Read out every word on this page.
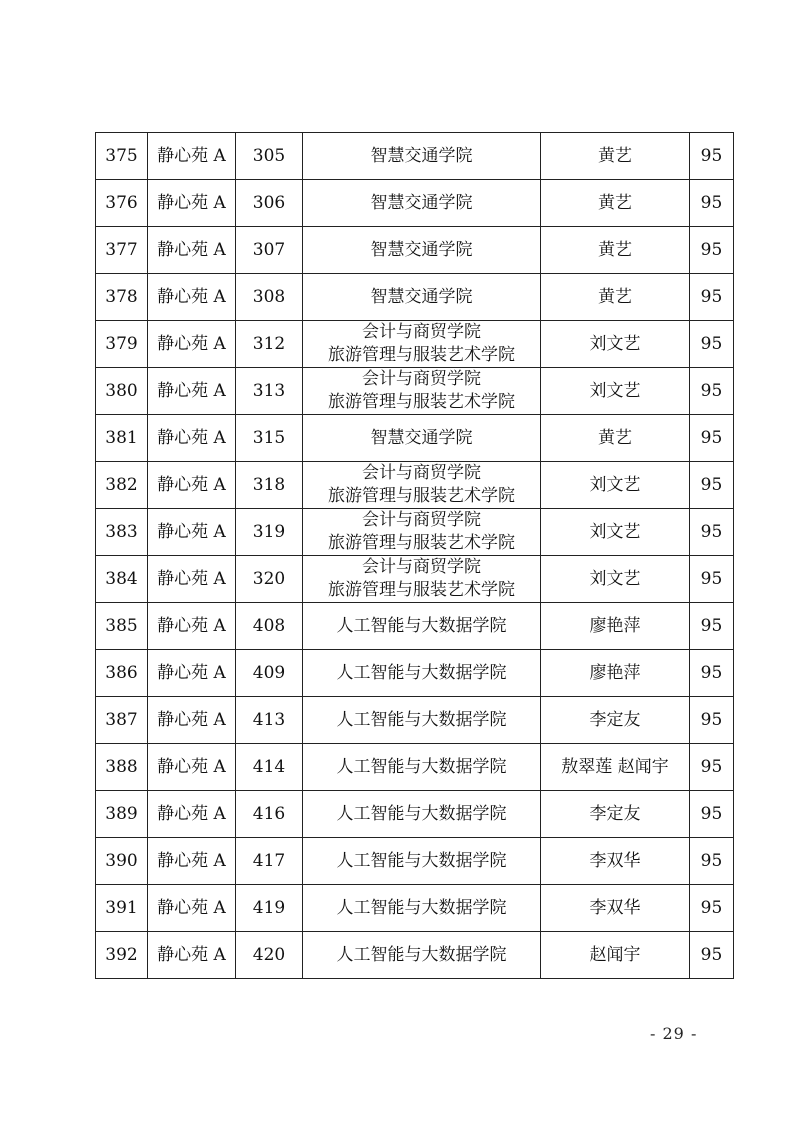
375	静心苑 A	305	智慧交通学院	黄艺	95
376	静心苑 A	306	智慧交通学院	黄艺	95
377	静心苑 A	307	智慧交通学院	黄艺	95
378	静心苑 A	308	智慧交通学院	黄艺	95
379	静心苑 A	312	会计与商贸学院
旅游管理与服装艺术学院	刘文艺	95
380	静心苑 A	313	会计与商贸学院
旅游管理与服装艺术学院	刘文艺	95
381	静心苑 A	315	智慧交通学院	黄艺	95
382	静心苑 A	318	会计与商贸学院
旅游管理与服装艺术学院	刘文艺	95
383	静心苑 A	319	会计与商贸学院
旅游管理与服装艺术学院	刘文艺	95
384	静心苑 A	320	会计与商贸学院
旅游管理与服装艺术学院	刘文艺	95
385	静心苑 A	408	人工智能与大数据学院	廖艳萍	95
386	静心苑 A	409	人工智能与大数据学院	廖艳萍	95
387	静心苑 A	413	人工智能与大数据学院	李定友	95
388	静心苑 A	414	人工智能与大数据学院	敖翠莲 赵闻宇	95
389	静心苑 A	416	人工智能与大数据学院	李定友	95
390	静心苑 A	417	人工智能与大数据学院	李双华	95
391	静心苑 A	419	人工智能与大数据学院	李双华	95
392	静心苑 A	420	人工智能与大数据学院	赵闻宇	95
- 29 -
